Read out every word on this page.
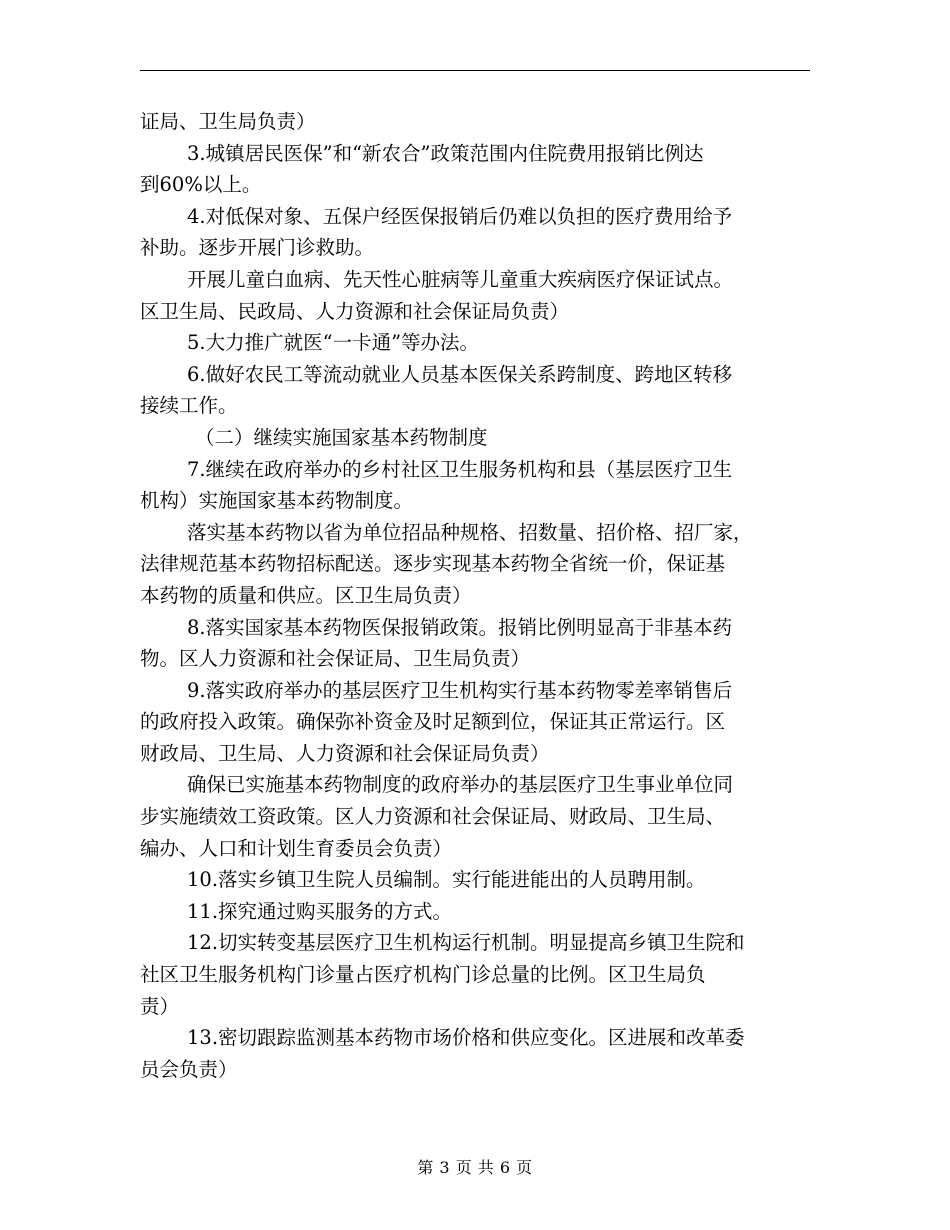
证局、卫生局负责）
3.城镇居民医保”和“新农合”政策范围内住院费用报销比例达
到60%以上。
4.对低保对象、五保户经医保报销后仍难以负担的医疗费用给予
补助。逐步开展门诊救助。
开展儿童白血病、先天性心脏病等儿童重大疾病医疗保证试点。
区卫生局、民政局、人力资源和社会保证局负责）
5.大力推广就医“一卡通”等办法。
6.做好农民工等流动就业人员基本医保关系跨制度、跨地区转移
接续工作。
（二）继续实施国家基本药物制度
7.继续在政府举办的乡村社区卫生服务机构和县（基层医疗卫生
机构）实施国家基本药物制度。
落实基本药物以省为单位招品种规格、招数量、招价格、招厂家，
法律规范基本药物招标配送。逐步实现基本药物全省统一价，保证基
本药物的质量和供应。区卫生局负责）
8.落实国家基本药物医保报销政策。报销比例明显高于非基本药
物。区人力资源和社会保证局、卫生局负责）
9.落实政府举办的基层医疗卫生机构实行基本药物零差率销售后
的政府投入政策。确保弥补资金及时足额到位，保证其正常运行。区
财政局、卫生局、人力资源和社会保证局负责）
确保已实施基本药物制度的政府举办的基层医疗卫生事业单位同
步实施绩效工资政策。区人力资源和社会保证局、财政局、卫生局、
编办、人口和计划生育委员会负责）
10.落实乡镇卫生院人员编制。实行能进能出的人员聘用制。
11.探究通过购买服务的方式。
12.切实转变基层医疗卫生机构运行机制。明显提高乡镇卫生院和
社区卫生服务机构门诊量占医疗机构门诊总量的比例。区卫生局负
责）
13.密切跟踪监测基本药物市场价格和供应变化。区进展和改革委
员会负责）
第 3 页 共 6 页
